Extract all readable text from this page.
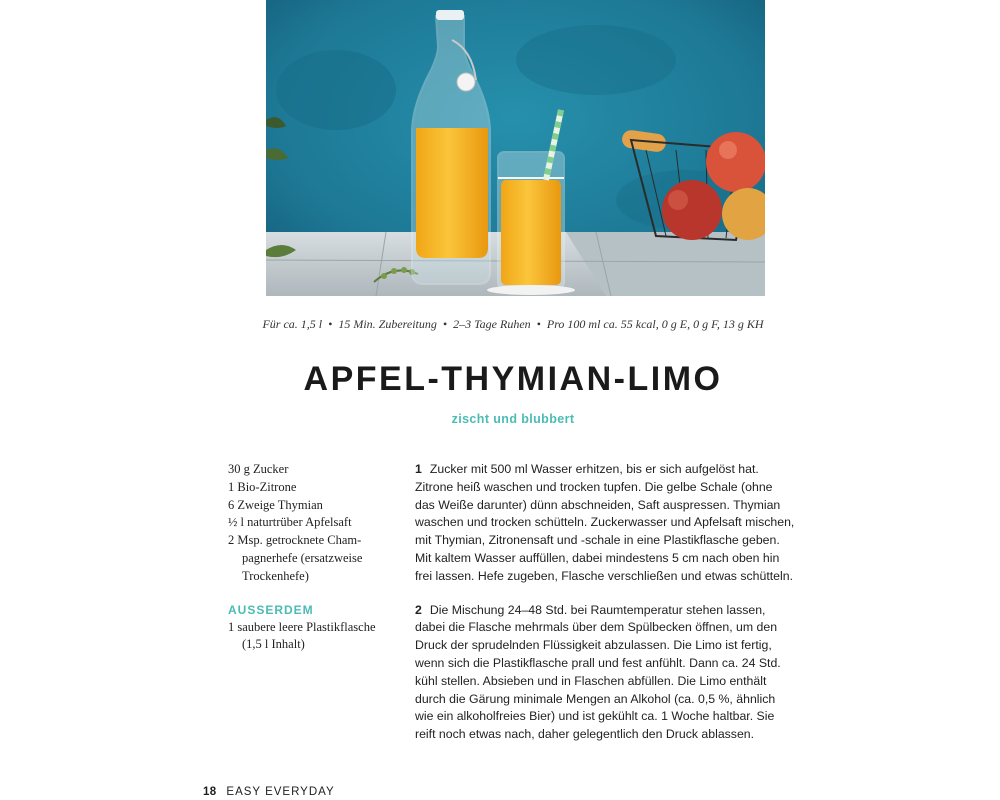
Für ca. 1,5 l • 15 Min. Zubereitung • 2–3 Tage Ruhen • Pro 100 ml ca. 55 kcal, 0 g E, 0 g F, 13 g KH
APFEL-THYMIAN-LIMO
zischt und blubbert
30 g Zucker
1 Bio-Zitrone
6 Zweige Thymian
½ l naturtrüber Apfelsaft
2 Msp. getrocknete Cham-
pagnerhefe (ersatzweise
Trockenhefe)
AUSSERDEM
1 saubere leere Plastikflasche
(1,5 l Inhalt)
1 Zucker mit 500 ml Wasser erhitzen, bis er sich aufgelöst hat.
Zitrone heiß waschen und trocken tupfen. Die gelbe Schale (ohne
das Weiße darunter) dünn abschneiden, Saft auspressen. Thymian
waschen und trocken schütteln. Zuckerwasser und Apfelsaft mischen,
mit Thymian, Zitronensaft und -schale in eine Plastikflasche geben.
Mit kaltem Wasser auffüllen, dabei mindestens 5 cm nach oben hin
frei lassen. Hefe zugeben, Flasche verschließen und etwas schütteln.
2 Die Mischung 24–48 Std. bei Raumtemperatur stehen lassen,
dabei die Flasche mehrmals über dem Spülbecken öffnen, um den
Druck der sprudelnden Flüssigkeit abzulassen. Die Limo ist fertig,
wenn sich die Plastikflasche prall und fest anfühlt. Dann ca. 24 Std.
kühl stellen. Absieben und in Flaschen abfüllen. Die Limo enthält
durch die Gärung minimale Mengen an Alkohol (ca. 0,5 %, ähnlich
wie ein alkoholfreies Bier) und ist gekühlt ca. 1 Woche haltbar. Sie
reift noch etwas nach, daher gelegentlich den Druck ablassen.
18 EASY EVERYDAY
